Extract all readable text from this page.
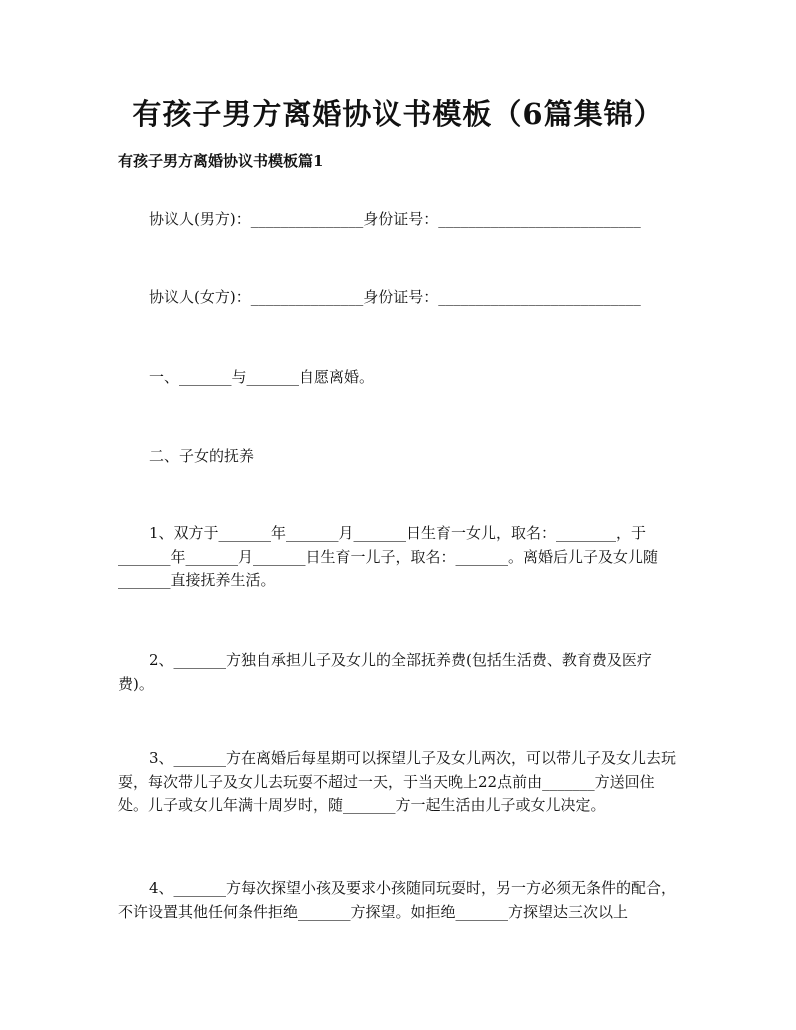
有孩子男方离婚协议书模板（6篇集锦）
有孩子男方离婚协议书模板篇1
协议人(男方)：_______________身份证号：___________________________
协议人(女方)：_______________身份证号：___________________________
一、_______与_______自愿离婚。
二、子女的抚养
1、双方于_______年_______月_______日生育一女儿，取名：________，于_______年_______月_______日生育一儿子，取名：_______。离婚后儿子及女儿随_______直接抚养生活。
2、_______方独自承担儿子及女儿的全部抚养费(包括生活费、教育费及医疗费)。
3、_______方在离婚后每星期可以探望儿子及女儿两次，可以带儿子及女儿去玩耍，每次带儿子及女儿去玩耍不超过一天，于当天晚上22点前由_______方送回住处。儿子或女儿年满十周岁时，随_______方一起生活由儿子或女儿决定。
4、_______方每次探望小孩及要求小孩随同玩耍时，另一方必须无条件的配合，不许设置其他任何条件拒绝_______方探望。如拒绝_______方探望达三次以上
